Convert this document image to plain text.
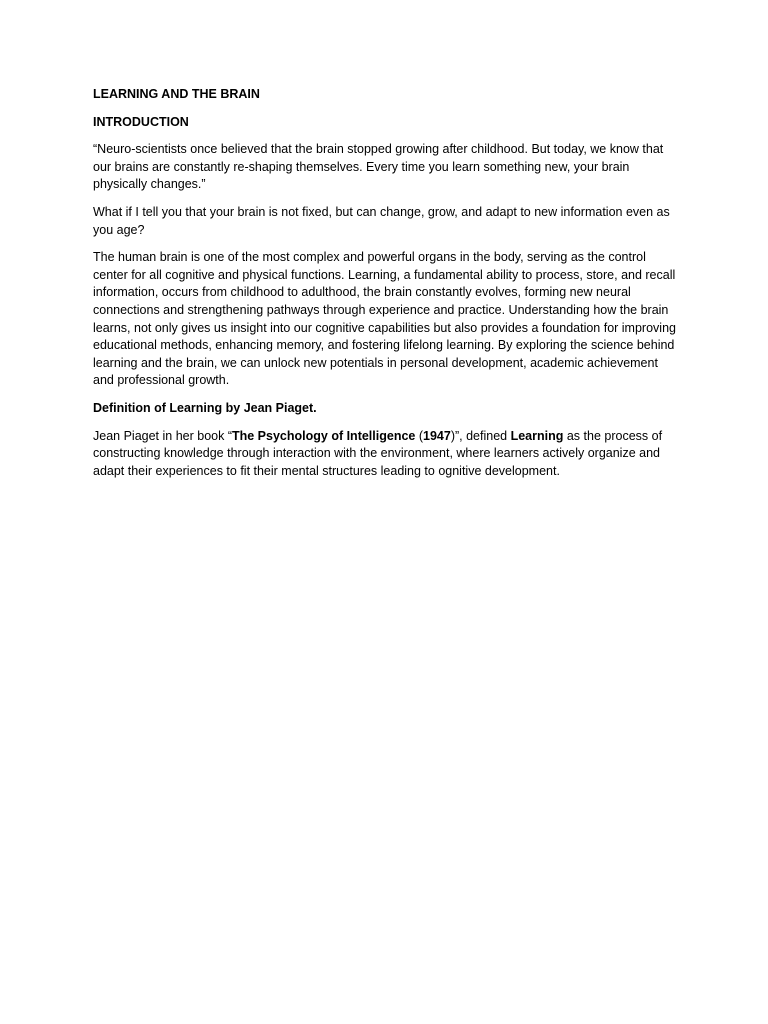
LEARNING AND THE BRAIN

INTRODUCTION

“Neuro-scientists once believed that the brain stopped growing after childhood. But today, we know that our brains are constantly re-shaping themselves. Every time you learn something new, your brain physically changes.”

What if I tell you that your brain is not fixed, but can change, grow, and adapt to new information even as you age?

The human brain is one of the most complex and powerful organs in the body, serving as the control center for all cognitive and physical functions. Learning, a fundamental ability to process, store, and recall information, occurs from childhood to adulthood, the brain constantly evolves, forming new neural connections and strengthening pathways through experience and practice. Understanding how the brain learns, not only gives us insight into our cognitive capabilities but also provides a foundation for improving educational methods, enhancing memory, and fostering lifelong learning. By exploring the science behind learning and the brain, we can unlock new potentials in personal development, academic achievement and professional growth.

Definition of Learning by Jean Piaget.

Jean Piaget in her book “The Psychology of Intelligence (1947)”, defined Learning as the process of constructing knowledge through interaction with the environment, where learners actively organize and adapt their experiences to fit their mental structures leading to ognitive development.
